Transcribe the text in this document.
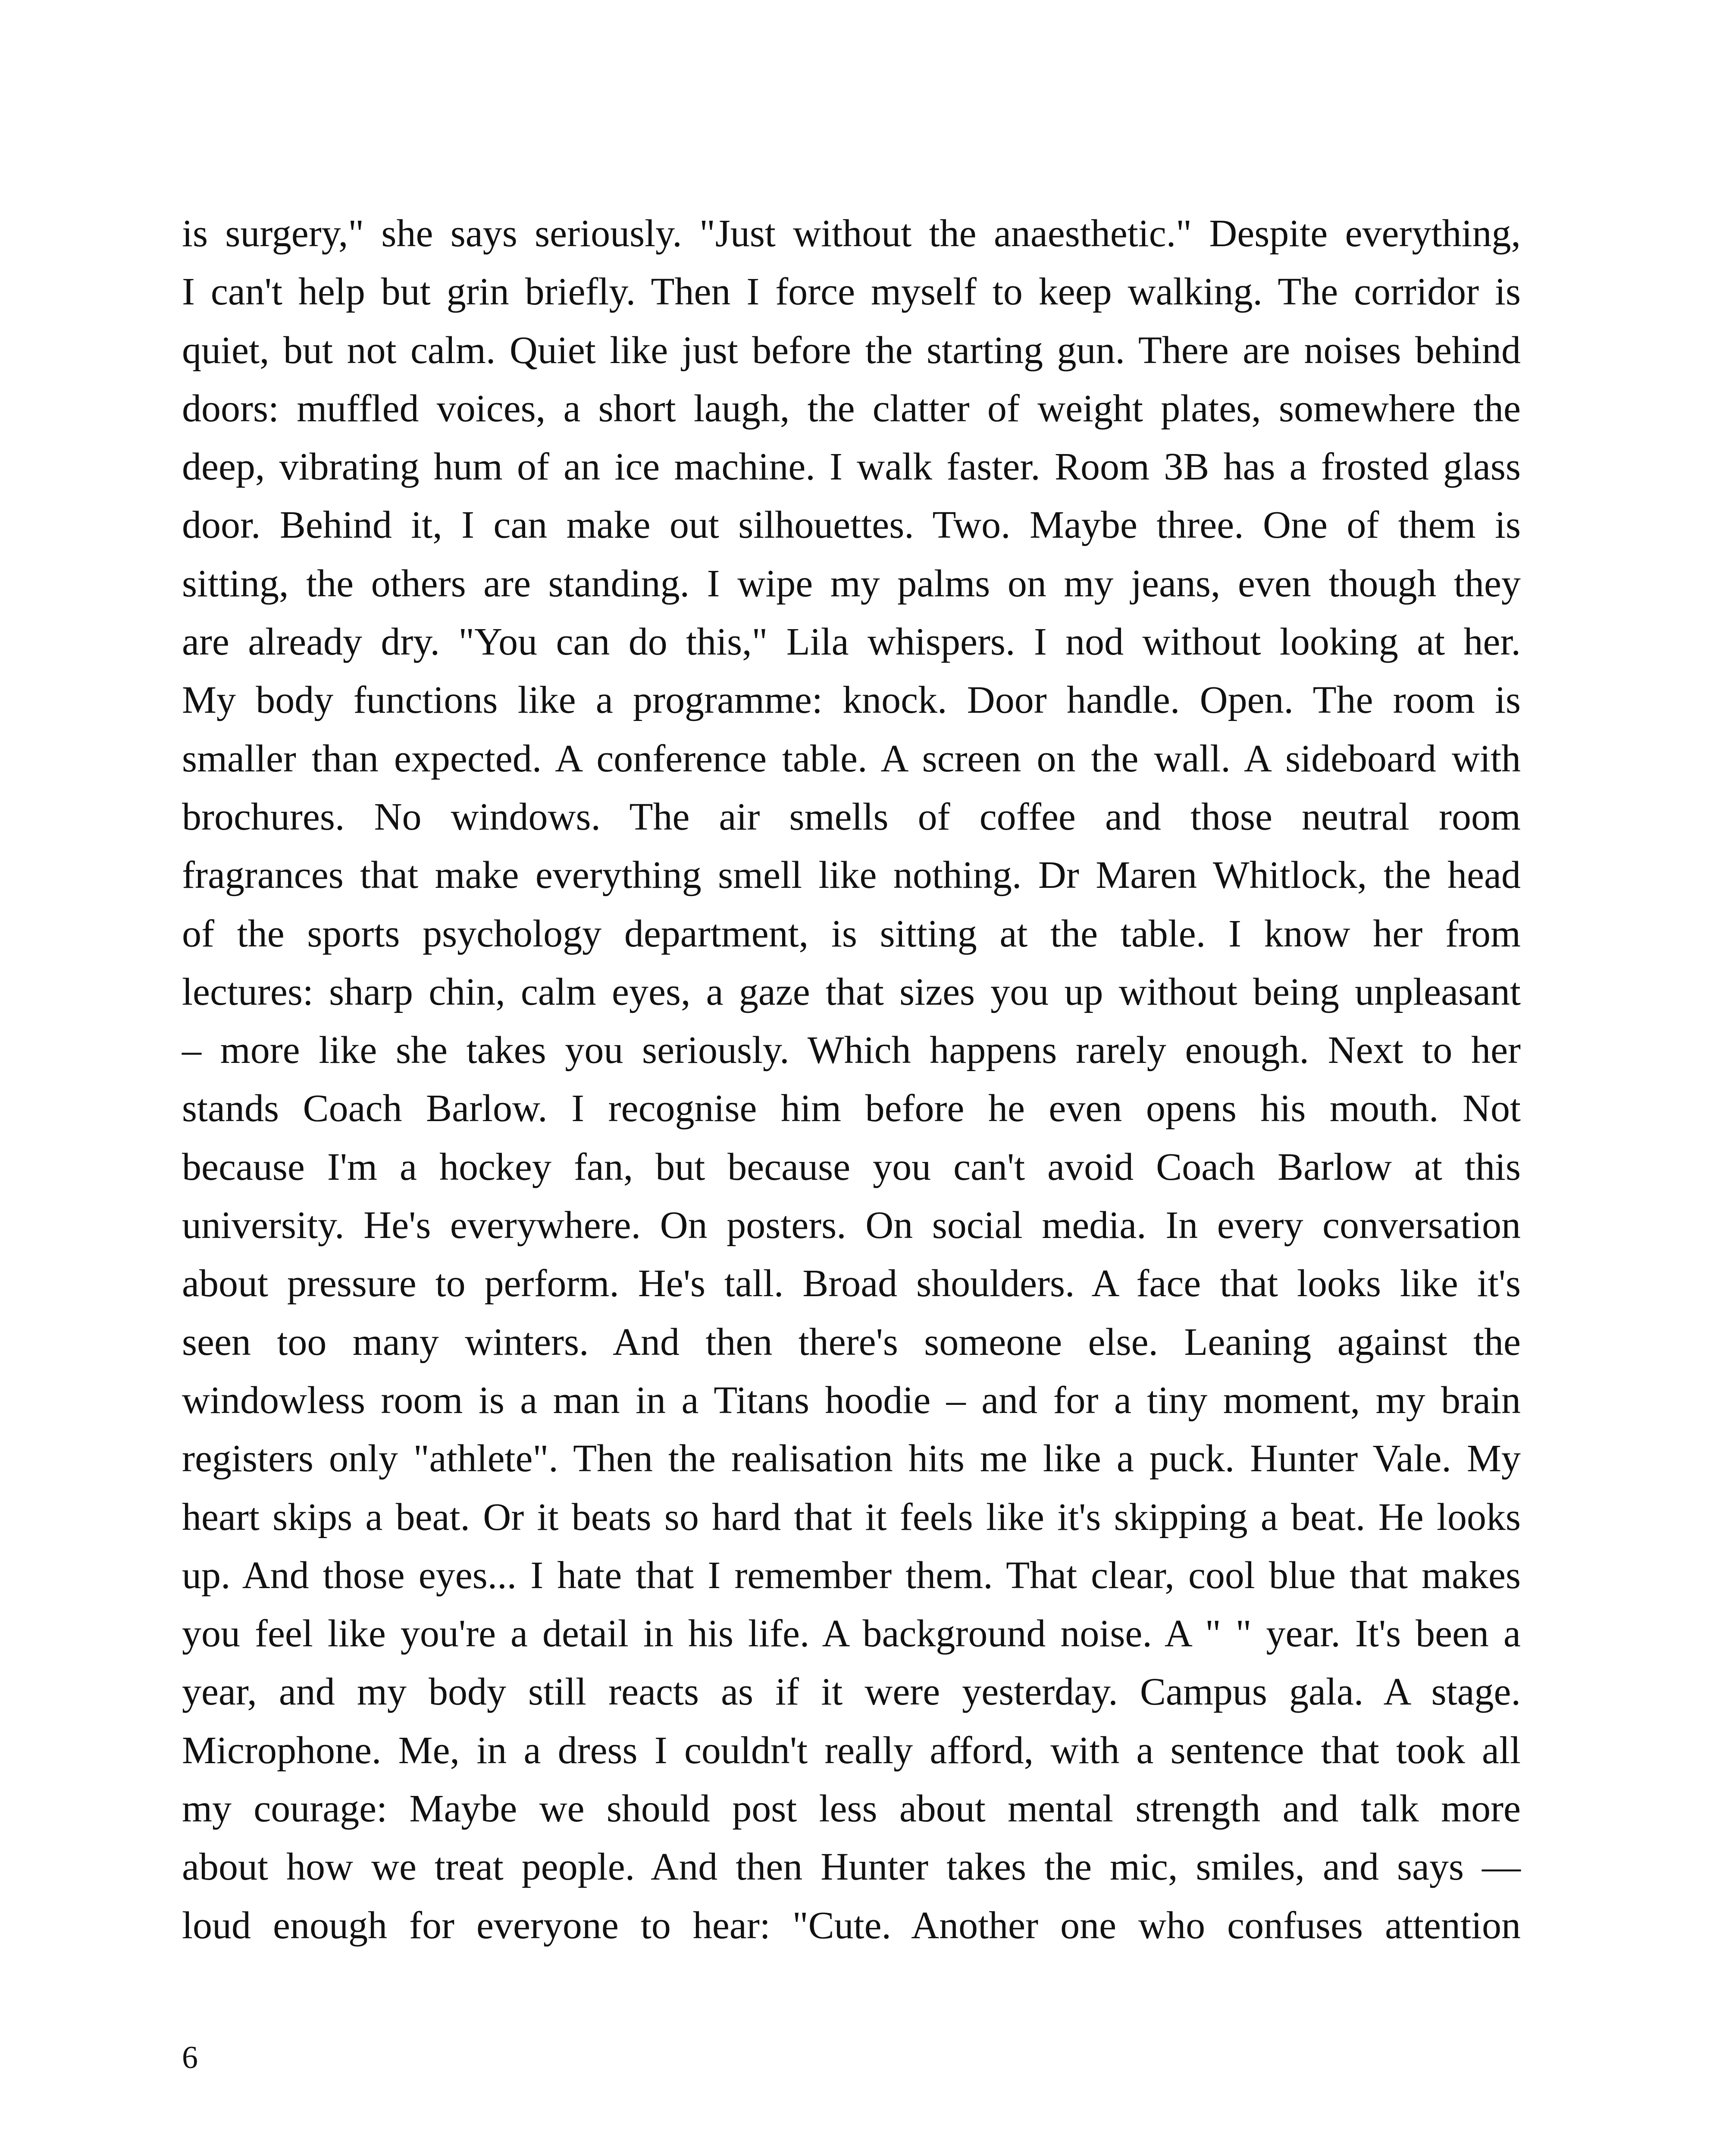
is surgery," she says seriously. "Just without the anaesthetic." Despite everything,
I can't help but grin briefly. Then I force myself to keep walking. The corridor is
quiet, but not calm. Quiet like just before the starting gun. There are noises behind
doors: muffled voices, a short laugh, the clatter of weight plates, somewhere the
deep, vibrating hum of an ice machine. I walk faster. Room 3B has a frosted glass
door. Behind it, I can make out silhouettes. Two. Maybe three. One of them is
sitting, the others are standing. I wipe my palms on my jeans, even though they
are already dry. "You can do this," Lila whispers. I nod without looking at her.
My body functions like a programme: knock. Door handle. Open. The room is
smaller than expected. A conference table. A screen on the wall. A sideboard with
brochures. No windows. The air smells of coffee and those neutral room
fragrances that make everything smell like nothing. Dr Maren Whitlock, the head
of the sports psychology department, is sitting at the table. I know her from
lectures: sharp chin, calm eyes, a gaze that sizes you up without being unpleasant
– more like she takes you seriously. Which happens rarely enough. Next to her
stands Coach Barlow. I recognise him before he even opens his mouth. Not
because I'm a hockey fan, but because you can't avoid Coach Barlow at this
university. He's everywhere. On posters. On social media. In every conversation
about pressure to perform. He's tall. Broad shoulders. A face that looks like it's
seen too many winters. And then there's someone else. Leaning against the
windowless room is a man in a Titans hoodie – and for a tiny moment, my brain
registers only "athlete". Then the realisation hits me like a puck. Hunter Vale. My
heart skips a beat. Or it beats so hard that it feels like it's skipping a beat. He looks
up. And those eyes... I hate that I remember them. That clear, cool blue that makes
you feel like you're a detail in his life. A background noise. A " " year. It's been a
year, and my body still reacts as if it were yesterday. Campus gala. A stage.
Microphone. Me, in a dress I couldn't really afford, with a sentence that took all
my courage: Maybe we should post less about mental strength and talk more
about how we treat people. And then Hunter takes the mic, smiles, and says —
loud enough for everyone to hear: "Cute. Another one who confuses attention
6
